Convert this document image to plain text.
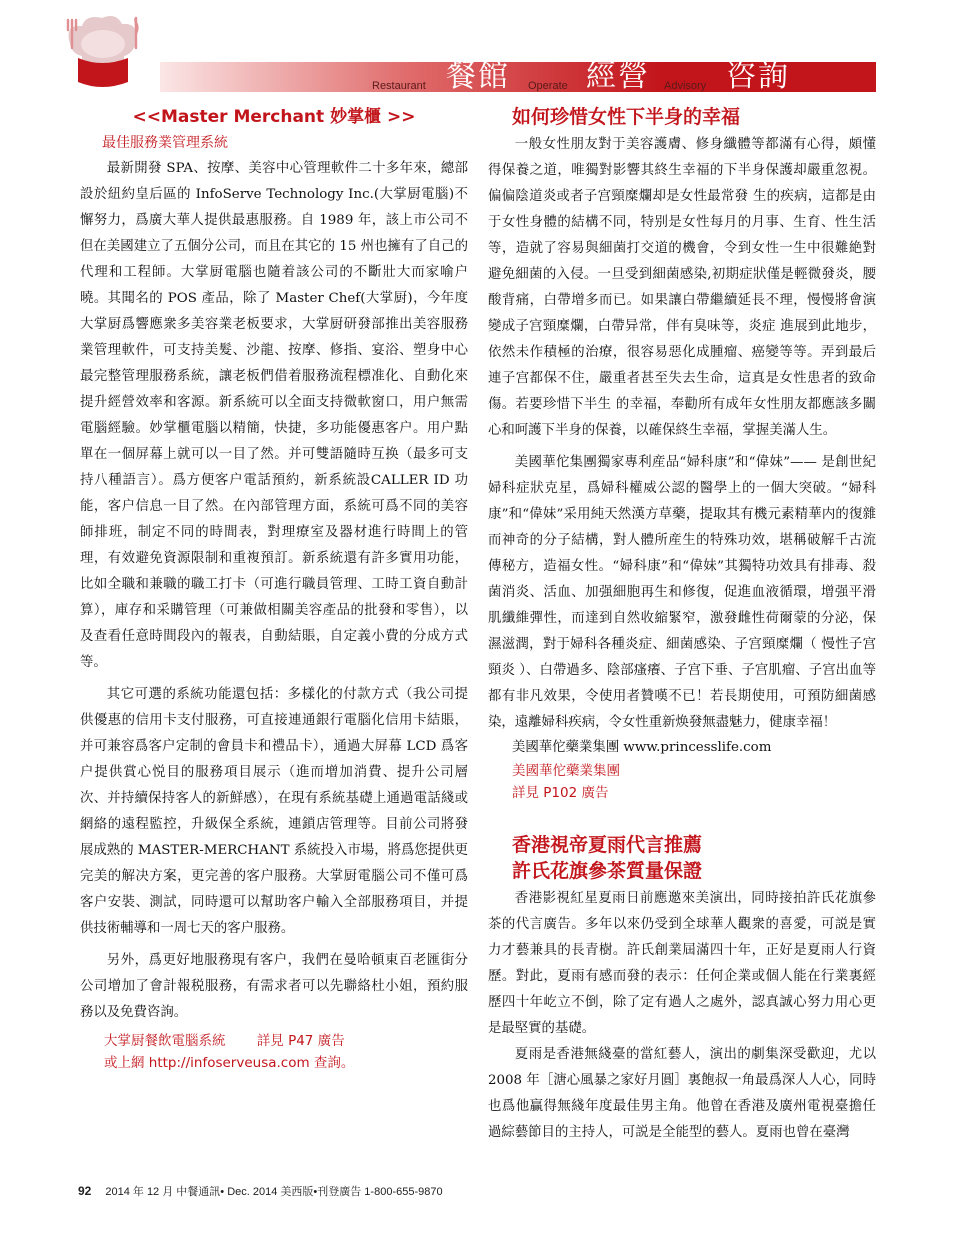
Restaurant 餐館 Operate 經營 Advisory 咨詢
<<Master Merchant 妙掌櫃 >>
最佳服務業管理系統

最新開發 SPA、按摩、美容中心管理軟件二十多年來，總部設於紐約皇后區的 InfoServe Technology Inc.(大掌厨電腦)不懈努力，爲廣大華人提供最惠服務。自 1989 年，該上市公司不但在美國建立了五個分公司，而且在其它的 15 州也擁有了自己的代理和工程師。大掌厨電腦也隨着該公司的不斷壯大而家喻户曉。其聞名的 POS 產品，除了 Master Chef(大掌厨)，今年度大掌厨爲響應衆多美容業老板要求，大掌厨研發部推出美容服務業管理軟件，可支持美髮、沙龍、按摩、修指、宴浴、塑身中心最完整管理服務系統，讓老板們借着服務流程標准化、自動化來提升經營效率和客源。新系統可以全面支持微軟窗口，用户無需電腦經驗。妙掌櫃電腦以精簡，快捷，多功能優惠客户。用户點單在一個屏幕上就可以一目了然。并可雙語隨時互换（最多可支持八種語言）。爲方便客户電話預約，新系統設CALLER ID 功能，客户信息一目了然。在內部管理方面，系統可爲不同的美容師排班，制定不同的時間表，對理療室及器材進行時間上的管理，有效避免資源限制和重複預訂。新系統還有許多實用功能，比如全職和兼職的職工打卡（可進行職員管理、工時工資自動計算），庫存和采購管理（可兼做相關美容產品的批發和零售），以及查看任意時間段內的報表，自動結賬，自定義小費的分成方式等。

其它可選的系統功能還包括：多樣化的付款方式（我公司提供優惠的信用卡支付服務，可直接連通銀行電腦化信用卡結賬，并可兼容爲客户定制的會員卡和禮品卡），通過大屏幕 LCD 爲客户提供賞心悦目的服務項目展示（進而增加消費、提升公司層次、并持續保持客人的新鮮感），在現有系統基礎上通過電話綫或網絡的遠程監控，升級保全系統，連鎖店管理等。目前公司將發展成熟的 MASTER-MERCHANT 系統投入市場，將爲您提供更完美的解决方案，更完善的客户服務。大掌厨電腦公司不僅可爲客户安裝、測試，同時還可以幫助客户輸入全部服務項目，并提供技術輔導和一周七天的客户服務。

另外，爲更好地服務現有客户，我們在曼哈頓東百老匯街分公司增加了會計報税服務，有需求者可以先聯絡杜小姐，預約服務以及免費咨詢。

大掌厨餐飲電腦系統　　 詳見 P47 廣告
或上網 http://infoserveusa.com 查詢。
如何珍惜女性下半身的幸福

一般女性朋友對于美容護膚、修身纖體等都滿有心得，頗懂得保養之道，唯獨對影響其終生幸福的下半身保護却嚴重忽視。偏偏陰道炎或者子宫頸糜爛却是女性最常發 生的疾病，這都是由于女性身體的結構不同，特别是女性每月的月事、生育、性生活等，造就了容易與細菌打交道的機會，令到女性一生中很難絶對避免細菌的入侵。一旦受到細菌感染,初期症狀僅是輕微發炎，腰酸背痛，白帶增多而已。如果讓白帶繼續延長不理，慢慢將會演變成子宫頸糜爛，白帶异常，伴有臭味等，炎症 進展到此地步，依然未作積極的治療，很容易惡化成腫瘤、癌變等等。弄到最后連子宫都保不住，嚴重者甚至失去生命，這真是女性患者的致命傷。若要珍惜下半生 的幸福，奉勸所有成年女性朋友都應該多關心和呵護下半身的保養，以確保終生幸福，掌握美滿人生。

美國華佗集團獨家專利産品“婦科康”和“偉妹”—— 是創世紀婦科症狀克星，爲婦科權威公認的醫學上的一個大突破。“婦科康”和“偉妹”采用純天然漢方草藥，提取其有機元素精華内的復雜而神奇的分子結構，對人體所産生的特殊功效，堪稱破解千古流傳秘方，造福女性。“婦科康”和“偉妹”其獨特功效具有排毒、殺菌消炎、活血、加强細胞再生和修復，促進血液循環，增强平滑肌纖維彈性，而達到自然收縮緊窄，激發雌性荷爾蒙的分泌，保濕滋潤，對于婦科各種炎症、細菌感染、子宫頸糜爛（ 慢性子宫頸炎 ）、白帶過多、陰部瘙癢、子宫下垂、子宫肌瘤、子宫出血等都有非凡效果，令使用者贊嘆不已！若長期使用，可預防細菌感染，遠離婦科疾病，令女性重新焕發無盡魅力，健康幸福！

美國華佗藥業集團 www.princesslife.com
美國華佗藥業集團
詳見 P102 廣告
香港視帝夏雨代言推薦
許氏花旗參茶質量保證

香港影視紅星夏雨日前應邀來美演出，同時接拍許氏花旗參茶的代言廣告。多年以來仍受到全球華人觀衆的喜愛，可説是實力才藝兼具的長青樹。許氏創業屆滿四十年，正好是夏雨人行資歷。對此，夏雨有感而發的表示：任何企業或個人能在行業裏經歷四十年屹立不倒，除了定有過人之處外，認真誠心努力用心更是最堅實的基礎。

夏雨是香港無綫臺的當紅藝人，演出的劇集深受歡迎，尤以 2008 年［溏心風暴之家好月圓］裏飽叔一角最爲深人人心，同時也爲他贏得無綫年度最佳男主角。他曾在香港及廣州電視臺擔任過綜藝節目的主持人，可説是全能型的藝人。夏雨也曾在臺灣

92 2014 年 12 月 中餐通訊• Dec. 2014 美西版•刊登廣告 1-800-655-9870
